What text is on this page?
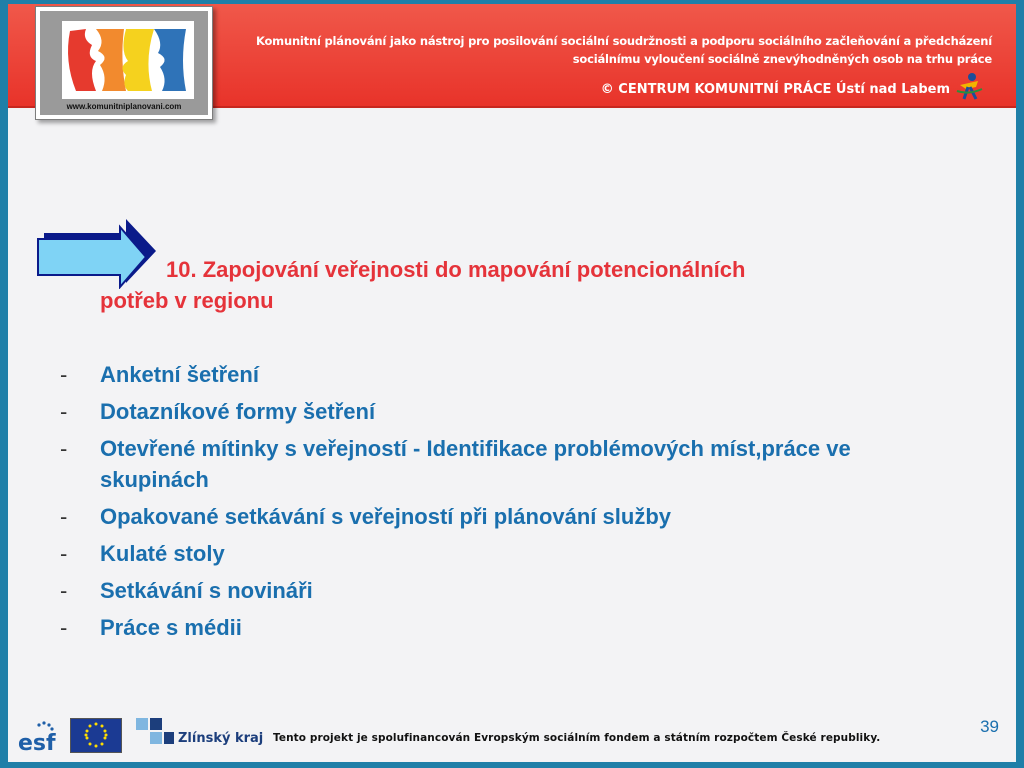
Komunitní plánování jako nástroj pro posilování sociální soudržnosti a podporu sociálního začleňování a předcházení
sociálnímu vyloučení sociálně znevýhodněných osob na trhu práce
© CENTRUM KOMUNITNÍ PRÁCE Ústí nad Labem
www.komunitniplanovani.com
10. Zapojování veřejnosti do mapování potencionálních
potřeb v regionu
- Anketní šetření
- Dotazníkové formy šetření
- Otevřené mítinky s veřejností - Identifikace problémových míst,práce ve skupinách
- Opakované setkávání s veřejností při plánování služby
- Kulaté stoly
- Setkávání s novináři
- Práce s médii
esf	Zlínský kraj Tento projekt je spolufinancován Evropským sociálním fondem a státním rozpočtem České republiky.
39
